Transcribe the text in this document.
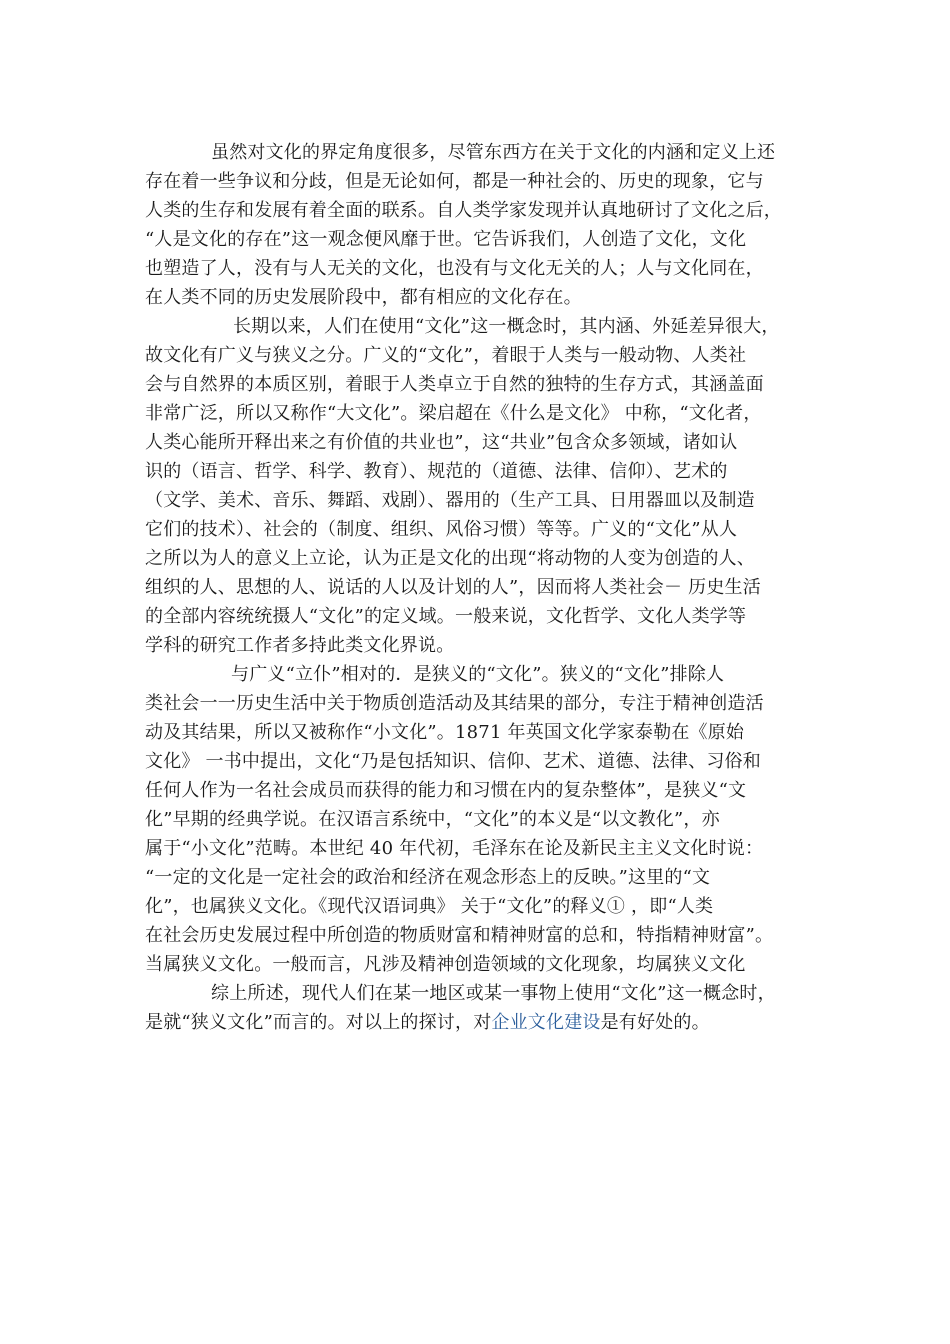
虽然对文化的界定角度很多，尽管东西方在关于文化的内涵和定义上还
存在着一些争议和分歧，但是无论如何，都是一种社会的、历史的现象，它与
人类的生存和发展有着全面的联系。自人类学家发现并认真地研讨了文化之后，
“人是文化的存在”这一观念便风靡于世。它告诉我们，人创造了文化，文化
也塑造了人，没有与人无关的文化，也没有与文化无关的人；人与文化同在，
在人类不同的历史发展阶段中，都有相应的文化存在。
长期以来，人们在使用“文化”这一概念时，其内涵、外延差异很大，
故文化有广义与狭义之分。广义的“文化”，着眼于人类与一般动物、人类社
会与自然界的本质区别，着眼于人类卓立于自然的独特的生存方式，其涵盖面
非常广泛，所以又称作“大文化”。梁启超在《什么是文化》 中称，“文化者，
人类心能所开释出来之有价值的共业也”，这“共业”包含众多领域，诸如认
识的（语言、哲学、科学、教育）、规范的（道德、法律、信仰）、艺术的
（文学、美术、音乐、舞蹈、戏剧）、器用的（生产工具、日用器皿以及制造
它们的技术）、社会的（制度、组织、风俗习惯）等等。广义的“文化”从人
之所以为人的意义上立论，认为正是文化的出现“将动物的人变为创造的人、
组织的人、思想的人、说话的人以及计划的人”，因而将人类社会－ 历史生活
的全部内容统统摄人“文化”的定义域。一般来说，文化哲学、文化人类学等
学科的研究工作者多持此类文化界说。
与广义“立仆”相对的．是狭义的“文化”。狭义的“文化”排除人
类社会一一历史生活中关于物质创造活动及其结果的部分，专注于精神创造活
动及其结果，所以又被称作“小文化”。1871 年英国文化学家泰勒在《原始
文化》 一书中提出，文化“乃是包括知识、信仰、艺术、道德、法律、习俗和
任何人作为一名社会成员而获得的能力和习惯在内的复杂整体”，是狭义“文
化”早期的经典学说。在汉语言系统中，“文化”的本义是“以文教化”，亦
属于“小文化”范畴。本世纪 40 年代初，毛泽东在论及新民主主义文化时说：
“一定的文化是一定社会的政治和经济在观念形态上的反映。”这里的“文
化”，也属狭义文化。《现代汉语词典》 关于“文化”的释义① ，即“人类
在社会历史发展过程中所创造的物质财富和精神财富的总和，特指精神财富”。
当属狭义文化。一般而言，凡涉及精神创造领域的文化现象，均属狭义文化
综上所述，现代人们在某一地区或某一事物上使用“文化”这一概念时，
是就“狭义文化”而言的。对以上的探讨，对企业文化建设是有好处的。
